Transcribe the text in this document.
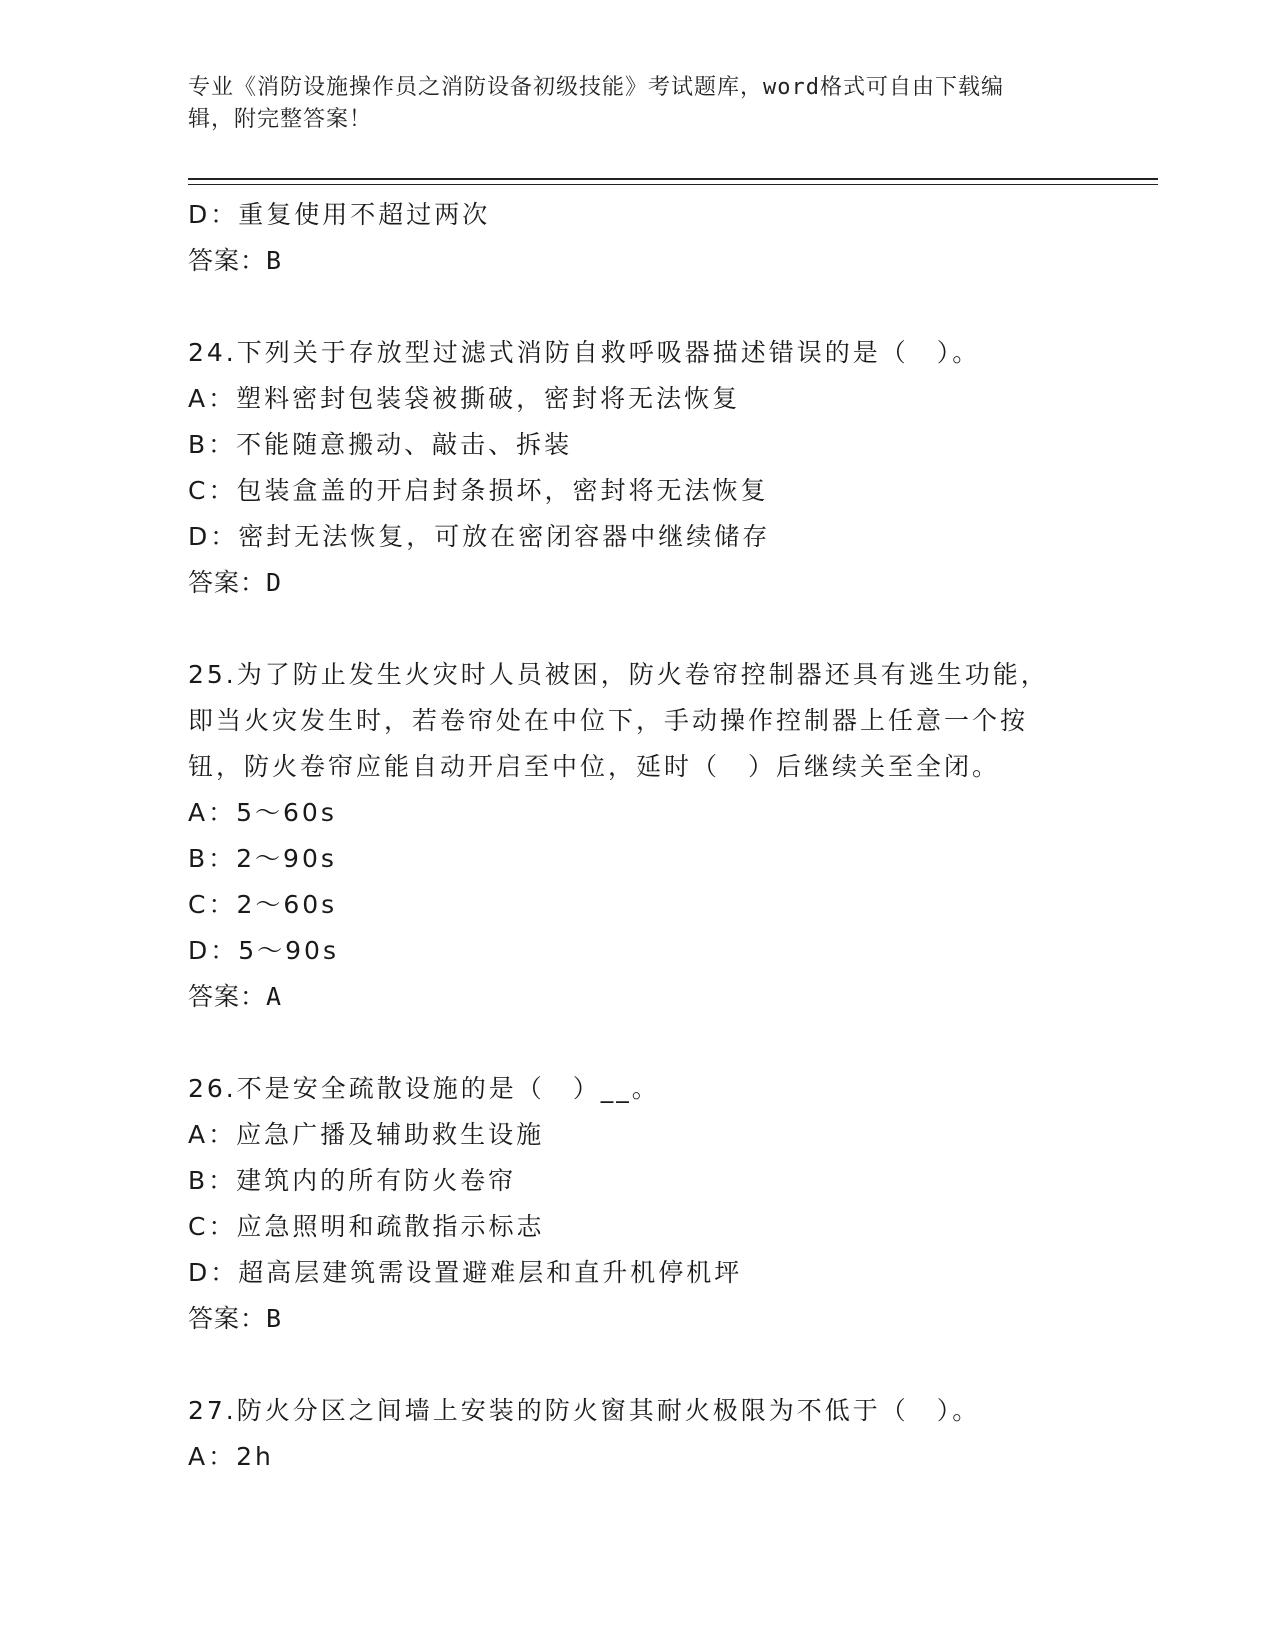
专业《消防设施操作员之消防设备初级技能》考试题库，word格式可自由下载编
辑，附完整答案！
D：重复使用不超过两次
答案：B
24.下列关于存放型过滤式消防自救呼吸器描述错误的是（　）。
A：塑料密封包装袋被撕破，密封将无法恢复
B：不能随意搬动、敲击、拆装
C：包装盒盖的开启封条损坏，密封将无法恢复
D：密封无法恢复，可放在密闭容器中继续储存
答案：D
25.为了防止发生火灾时人员被困，防火卷帘控制器还具有逃生功能，
即当火灾发生时，若卷帘处在中位下，手动操作控制器上任意一个按
钮，防火卷帘应能自动开启至中位，延时（　）后继续关至全闭。
A：5～60s
B：2～90s
C：2～60s
D：5～90s
答案：A
26.不是安全疏散设施的是（　）__。
A：应急广播及辅助救生设施
B：建筑内的所有防火卷帘
C：应急照明和疏散指示标志
D：超高层建筑需设置避难层和直升机停机坪
答案：B
27.防火分区之间墙上安装的防火窗其耐火极限为不低于（　）。
A：2h
